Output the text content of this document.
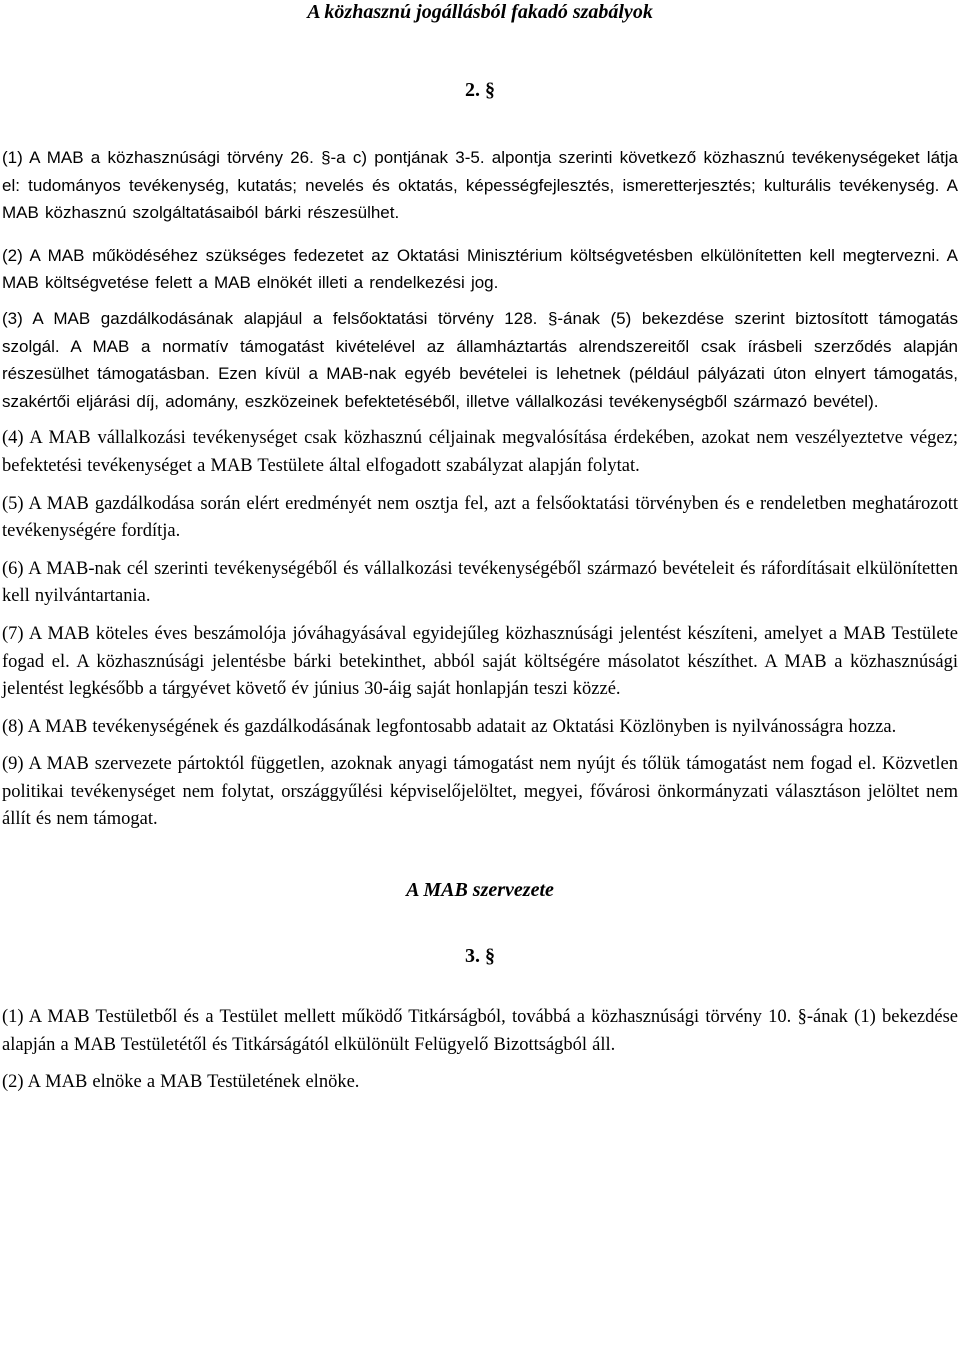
A közhasznú jogállásból fakadó szabályok

2. §

(1) A MAB a közhasznúsági törvény 26. §-a c) pontjának 3-5. alpontja szerinti következő közhasznú tevékenységeket látja el: tudományos tevékenység, kutatás; nevelés és oktatás, képességfejlesztés, ismeretterjesztés; kulturális tevékenység. A MAB közhasznú szolgáltatásaiból bárki részesülhet.

(2) A MAB működéséhez szükséges fedezetet az Oktatási Minisztérium költségvetésben elkülönítetten kell megtervezni. A MAB költségvetése felett a MAB elnökét illeti a rendelkezési jog.

(3) A MAB gazdálkodásának alapjául a felsőoktatási törvény 128. §-ának (5) bekezdése szerint biztosított támogatás szolgál. A MAB a normatív támogatást kivételével az államháztartás alrendszereitől csak írásbeli szerződés alapján részesülhet támogatásban. Ezen kívül a MAB-nak egyéb bevételei is lehetnek (például pályázati úton elnyert támogatás, szakértői eljárási díj, adomány, eszközeinek befektetéséből, illetve vállalkozási tevékenységből származó bevétel).

(4) A MAB vállalkozási tevékenységet csak közhasznú céljainak megvalósítása érdekében, azokat nem veszélyeztetve végez; befektetési tevékenységet a MAB Testülete által elfogadott szabályzat alapján folytat.

(5) A MAB gazdálkodása során elért eredményét nem osztja fel, azt a felsőoktatási törvényben és e rendeletben meghatározott tevékenységére fordítja.

(6) A MAB-nak cél szerinti tevékenységéből és vállalkozási tevékenységéből származó bevételeit és ráfordításait elkülönítetten kell nyilvántartania.

(7) A MAB köteles éves beszámolója jóváhagyásával egyidejűleg közhasznúsági jelentést készíteni, amelyet a MAB Testülete fogad el. A közhasznúsági jelentésbe bárki betekinthet, abból saját költségére másolatot készíthet. A MAB a közhasznúsági jelentést legkésőbb a tárgyévet követő év június 30-áig saját honlapján teszi közzé.

(8) A MAB tevékenységének és gazdálkodásának legfontosabb adatait az Oktatási Közlönyben is nyilvánosságra hozza.

(9) A MAB szervezete pártoktól független, azoknak anyagi támogatást nem nyújt és tőlük támogatást nem fogad el. Közvetlen politikai tevékenységet nem folytat, országgyűlési képviselőjelöltet, megyei, fővárosi önkormányzati választáson jelöltet nem állít és nem támogat.

A MAB szervezete

3. §

(1) A MAB Testületből és a Testület mellett működő Titkárságból, továbbá a közhasznúsági törvény 10. §-ának (1) bekezdése alapján a MAB Testületétől és Titkárságától elkülönült Felügyelő Bizottságból áll.

(2) A MAB elnöke a MAB Testületének elnöke.
